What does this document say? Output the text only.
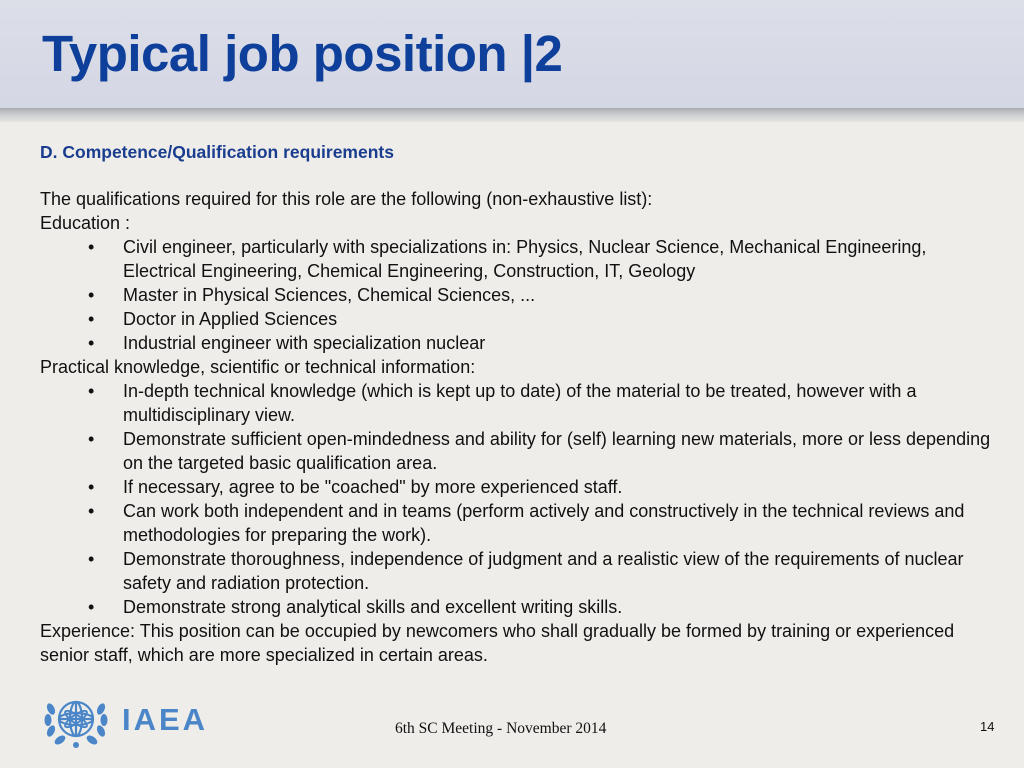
Typical job position |2
D. Competence/Qualification requirements

The qualifications required for this role are the following (non-exhaustive list):

Education :

• Civil engineer, particularly with specializations in: Physics, Nuclear Science, Mechanical Engineering, Electrical Engineering, Chemical Engineering, Construction, IT, Geology
• Master in Physical Sciences, Chemical Sciences, ...
• Doctor in Applied Sciences
• Industrial engineer with specialization nuclear

Practical knowledge, scientific or technical information:

• In-depth technical knowledge (which is kept up to date) of the material to be treated, however with a multidisciplinary view.
• Demonstrate sufficient open-mindedness and ability for (self) learning new materials, more or less depending on the targeted basic qualification area.
• If necessary, agree to be "coached" by more experienced staff.
• Can work both independent and in teams (perform actively and constructively in the technical reviews and methodologies for preparing the work).
• Demonstrate thoroughness, independence of judgment and a realistic view of the requirements of nuclear safety and radiation protection.
• Demonstrate strong analytical skills and excellent writing skills.

Experience: This position can be occupied by newcomers who shall gradually be formed by training or experienced senior staff, which are more specialized in certain areas.

IAEA	6th SC Meeting - November 2014	14
